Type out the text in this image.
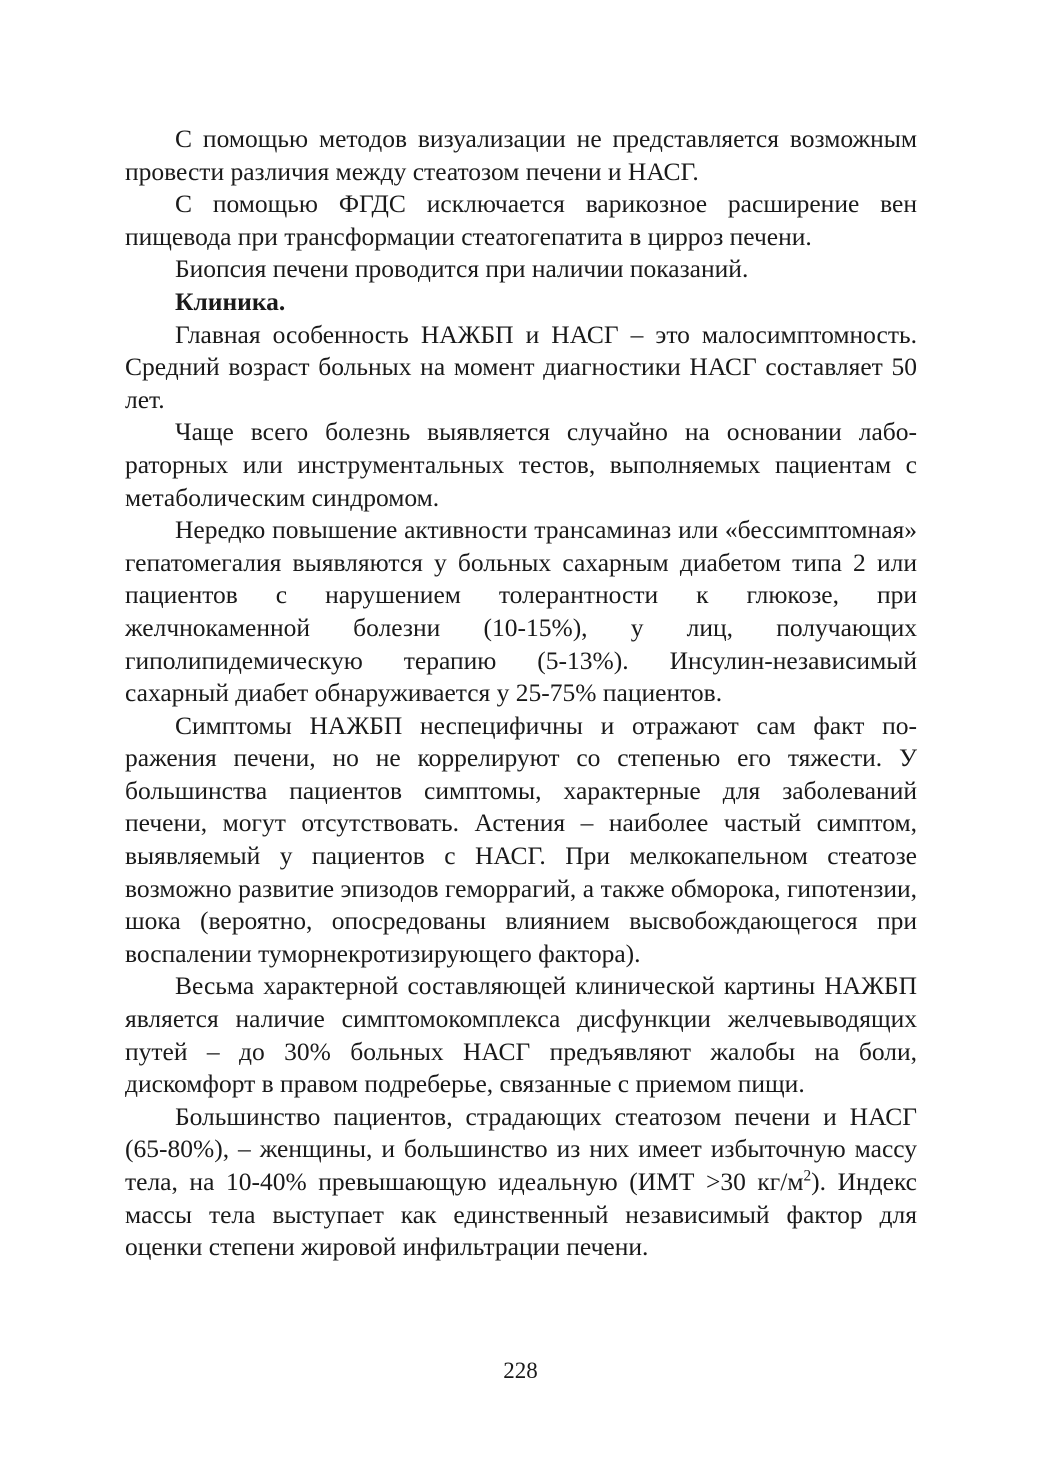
С помощью методов визуализации не представляется возможным провести различия между стеатозом печени и НАСГ.

С помощью ФГДС исключается варикозное расширение вен пищевода при трансформации стеатогепатита в цирроз печени.

Биопсия печени проводится при наличии показаний.

Клиника.

Главная особенность НАЖБП и НАСГ – это малосимптомность. Средний возраст больных на момент диагностики НАСГ составляет 50 лет.

Чаще всего болезнь выявляется случайно на основании лабораторных или инструментальных тестов, выполняемых пациентам с метаболическим синдромом.

Нередко повышение активности трансаминаз или «бессимптомная» гепатомегалия выявляются у больных сахарным диабетом типа 2 или пациентов с нарушением толерантности к глюкозе, при желчнокаменной болезни (10-15%), у лиц, получающих гиполипидемическую терапию (5-13%). Инсулин-независимый сахарный диабет обнаруживается у 25-75% пациентов.

Симптомы НАЖБП неспецифичны и отражают сам факт поражения печени, но не коррелируют со степенью его тяжести. У большинства пациентов симптомы, характерные для заболеваний печени, могут отсутствовать. Астения – наиболее частый симптом, выявляемый у пациентов с НАСГ. При мелкокапельном стеатозе возможно развитие эпизодов геморрагий, а также обморока, гипотензии, шока (вероятно, опосредованы влиянием высвобождающегося при воспалении туморнекротизирующего фактора).

Весьма характерной составляющей клинической картины НАЖБП является наличие симптомокомплекса дисфункции желчевыводящих путей – до 30% больных НАСГ предъявляют жалобы на боли, дискомфорт в правом подреберье, связанные с приемом пищи.

Большинство пациентов, страдающих стеатозом печени и НАСГ (65-80%), – женщины, и большинство из них имеет избыточную массу тела, на 10-40% превышающую идеальную (ИМТ >30 $кг/м^2$). Индекс массы тела выступает как единственный независимый фактор для оценки степени жировой инфильтрации печени.

228
